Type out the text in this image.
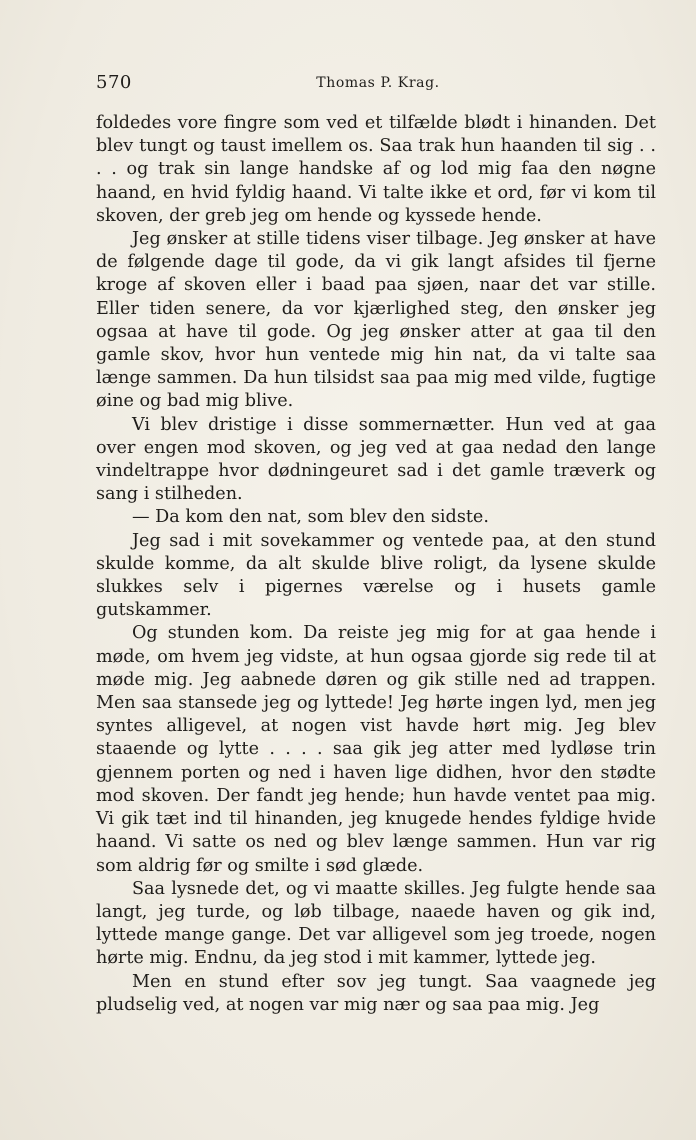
570	Thomas P. Krag.

foldedes vore fingre som ved et tilfælde blødt i hinanden. Det blev tungt og taust imellem os. Saa trak hun haanden til sig . . . . og trak sin lange handske af og lod mig faa den nøgne haand, en hvid fyldig haand. Vi talte ikke et ord, før vi kom til skoven, der greb jeg om hende og kyssede hende.

Jeg ønsker at stille tidens viser tilbage. Jeg ønsker at have de følgende dage til gode, da vi gik langt afsides til fjerne kroge af skoven eller i baad paa sjøen, naar det var stille. Eller tiden senere, da vor kjærlighed steg, den ønsker jeg ogsaa at have til gode. Og jeg ønsker atter at gaa til den gamle skov, hvor hun ventede mig hin nat, da vi talte saa længe sammen. Da hun tilsidst saa paa mig med vilde, fugtige øine og bad mig blive.

Vi blev dristige i disse sommernætter. Hun ved at gaa over engen mod skoven, og jeg ved at gaa nedad den lange vindeltrappe hvor dødningeuret sad i det gamle træverk og sang i stilheden.

— Da kom den nat, som blev den sidste.

Jeg sad i mit sovekammer og ventede paa, at den stund skulde komme, da alt skulde blive roligt, da lysene skulde slukkes selv i pigernes værelse og i husets gamle gutskammer.

Og stunden kom. Da reiste jeg mig for at gaa hende i møde, om hvem jeg vidste, at hun ogsaa gjorde sig rede til at møde mig. Jeg aabnede døren og gik stille ned ad trappen. Men saa stansede jeg og lyttede! Jeg hørte ingen lyd, men jeg syntes alligevel, at nogen vist havde hørt mig. Jeg blev staaende og lytte . . . . saa gik jeg atter med lydløse trin gjennem porten og ned i haven lige didhen, hvor den stødte mod skoven. Der fandt jeg hende; hun havde ventet paa mig. Vi gik tæt ind til hinanden, jeg knugede hendes fyldige hvide haand. Vi satte os ned og blev længe sammen. Hun var rig som aldrig før og smilte i sød glæde.

Saa lysnede det, og vi maatte skilles. Jeg fulgte hende saa langt, jeg turde, og løb tilbage, naaede haven og gik ind, lyttede mange gange. Det var alligevel som jeg troede, nogen hørte mig. Endnu, da jeg stod i mit kammer, lyttede jeg.

Men en stund efter sov jeg tungt. Saa vaagnede jeg pludselig ved, at nogen var mig nær og saa paa mig. Jeg
